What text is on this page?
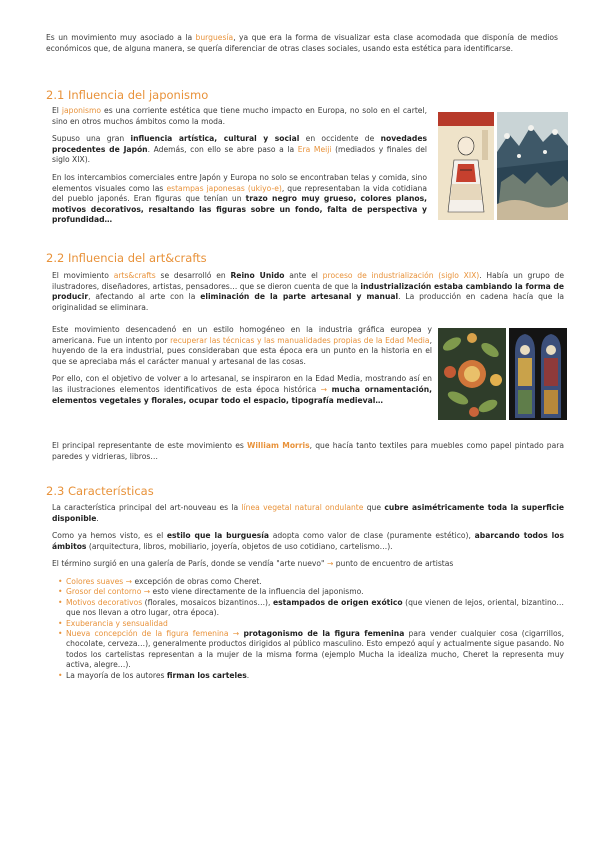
Es un movimiento muy asociado a la burguesía, ya que era la forma de visualizar esta clase acomodada que disponía de medios económicos que, de alguna manera, se quería diferenciar de otras clases sociales, usando esta estética para identificarse.

2.1 Influencia del japonismo

El japonismo es una corriente estética que tiene mucho impacto en Europa, no solo en el cartel, sino en otros muchos ámbitos como la moda.

Supuso una gran influencia artística, cultural y social en occidente de novedades procedentes de Japón. Además, con ello se abre paso a la Era Meiji (mediados y finales del siglo XIX).

En los intercambios comerciales entre Japón y Europa no solo se encontraban telas y comida, sino elementos visuales como las estampas japonesas (ukiyo-e), que representaban la vida cotidiana del pueblo japonés. Eran figuras que tenían un trazo negro muy grueso, colores planos, motivos decorativos, resaltando las figuras sobre un fondo, falta de perspectiva y profundidad…

2.2 Influencia del art&crafts

El movimiento arts&crafts se desarrolló en Reino Unido ante el proceso de industrialización (siglo XIX). Había un grupo de ilustradores, diseñadores, artistas, pensadores… que se dieron cuenta de que la industrialización estaba cambiando la forma de producir, afectando al arte con la eliminación de la parte artesanal y manual. La producción en cadena hacía que la originalidad se eliminara.

Este movimiento desencadenó en un estilo homogéneo en la industria gráfica europea y americana. Fue un intento por recuperar las técnicas y las manualidades propias de la Edad Media, huyendo de la era industrial, pues consideraban que esta época era un punto en la historia en el que se apreciaba más el carácter manual y artesanal de las cosas.

Por ello, con el objetivo de volver a lo artesanal, se inspiraron en la Edad Media, mostrando así en las ilustraciones elementos identificativos de esta época histórica → mucha ornamentación, elementos vegetales y florales, ocupar todo el espacio, tipografía medieval…

El principal representante de este movimiento es William Morris, que hacía tanto textiles para muebles como papel pintado para paredes y vidrieras, libros…

2.3 Características

La característica principal del art-nouveau es la línea vegetal natural ondulante que cubre asimétricamente toda la superficie disponible.

Como ya hemos visto, es el estilo que la burguesía adopta como valor de clase (puramente estético), abarcando todos los ámbitos (arquitectura, libros, mobiliario, joyería, objetos de uso cotidiano, cartelismo…).

El término surgió en una galería de París, donde se vendía "arte nuevo" → punto de encuentro de artistas

• Colores suaves → excepción de obras como Cheret.
• Grosor del contorno → esto viene directamente de la influencia del japonismo.
• Motivos decorativos (florales, mosaicos bizantinos…), estampados de origen exótico (que vienen de lejos, oriental, bizantino… que nos llevan a otro lugar, otra época).
• Exuberancia y sensualidad
• Nueva concepción de la figura femenina → protagonismo de la figura femenina para vender cualquier cosa (cigarrillos, chocolate, cerveza…), generalmente productos dirigidos al público masculino. Esto empezó aquí y actualmente sigue pasando. No todos los cartelistas representan a la mujer de la misma forma (ejemplo Mucha la idealiza mucho, Cheret la representa muy activa, alegre…).
• La mayoría de los autores firman los carteles.
